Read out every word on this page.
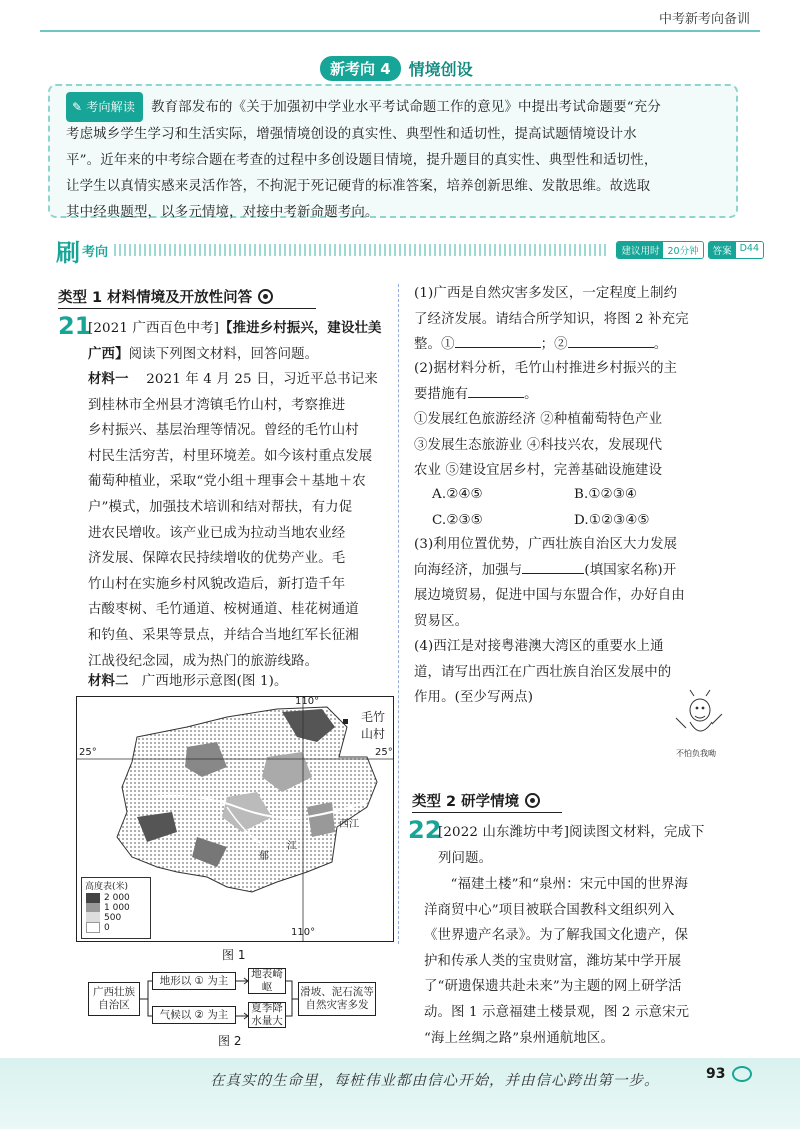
中考新考向备训
新考向 4	情境创设
✎ 考向解读 教育部发布的《关于加强初中学业水平考试命题工作的意见》中提出考试命题要“充分
考虑城乡学生学习和生活实际，增强情境创设的真实性、典型性和适切性，提高试题情境设计水
平”。近年来的中考综合题在考查的过程中多创设题目情境，提升题目的真实性、典型性和适切性，
让学生以真情实感来灵活作答，不拘泥于死记硬背的标准答案，培养创新思维、发散思维。故选取
其中经典题型，以多元情境，对接中考新命题考向。
刷 考向	建议用时 20分钟	答案 D44
类型 1 材料情境及开放性问答
21
[2021 广西百色中考]【推进乡村振兴，建设壮美
广西】阅读下列图文材料，回答问题。
材料一 2021 年 4 月 25 日，习近平总书记来
到桂林市全州县才湾镇毛竹山村，考察推进
乡村振兴、基层治理等情况。曾经的毛竹山村
村民生活穷苦，村里环境差。如今该村重点发展
葡萄种植业，采取“党小组＋理事会＋基地＋农
户”模式，加强技术培训和结对帮扶，有力促
进农民增收。该产业已成为拉动当地农业经
济发展、保障农民持续增收的优势产业。毛
竹山村在实施乡村风貌改造后，新打造千年
古酸枣树、毛竹通道、桉树通道、桂花树通道
和钓鱼、采果等景点，并结合当地红军长征湘
江战役纪念园，成为热门的旅游线路。
材料二 广西地形示意图(图 1)。
110°
110°
25°	25°
毛竹山村
西江
郁
江
高度表(米)
2 000
1 000
500
0
图 1
广西壮族自治区
地形以 ① 为主
地表崎岖
气候以 ② 为主
夏季降水量大
滑坡、泥石流等自然灾害多发
图 2
(1)广西是自然灾害多发区，一定程度上制约
了经济发展。请结合所学知识，将图 2 补充完
整。①	；②	。
(2)据材料分析，毛竹山村推进乡村振兴的主
要措施有	。
①发展红色旅游经济 ②种植葡萄特色产业
③发展生态旅游业 ④科技兴农，发展现代
农业 ⑤建设宜居乡村，完善基础设施建设
A.②④⑤	B.①②③④
C.②③⑤	D.①②③④⑤
(3)利用位置优势，广西壮族自治区大力发展
向海经济，加强与	(填国家名称)开
展边境贸易，促进中国与东盟合作，办好自由
贸易区。
(4)西江是对接粤港澳大湾区的重要水上通
道，请写出西江在广西壮族自治区发展中的
作用。(至少写两点)
不怕负我呦
类型 2 研学情境
22
[2022 山东潍坊中考]阅读图文材料，完成下
列问题。
“福建土楼”和“泉州：宋元中国的世界海
洋商贸中心”项目被联合国教科文组织列入
《世界遗产名录》。为了解我国文化遗产，保
护和传承人类的宝贵财富，潍坊某中学开展
了“研遗保遗共赴未来”为主题的网上研学活
动。图 1 示意福建土楼景观，图 2 示意宋元
“海上丝绸之路”泉州通航地区。
在真实的生命里，每桩伟业都由信心开始，并由信心跨出第一步。	93
